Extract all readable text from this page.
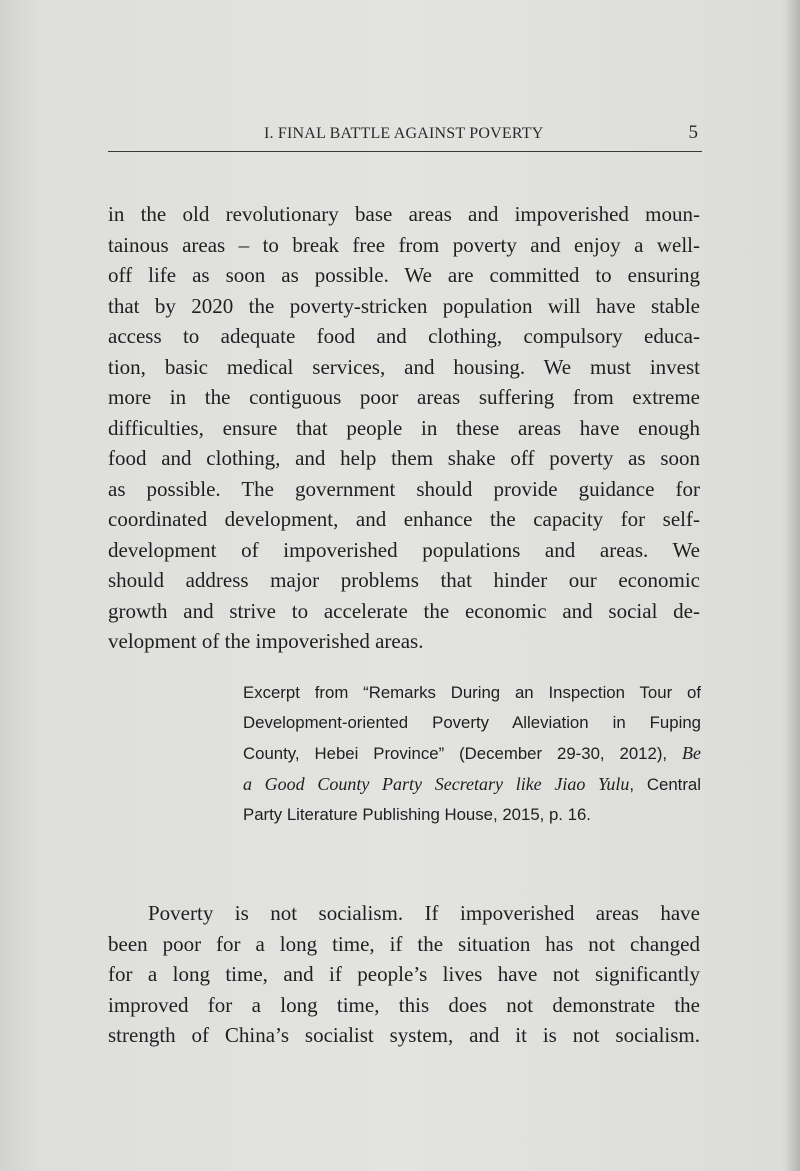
I. FINAL BATTLE AGAINST POVERTY	5
in the old revolutionary base areas and impoverished moun-
tainous areas – to break free from poverty and enjoy a well-
off life as soon as possible. We are committed to ensuring
that by 2020 the poverty-stricken population will have stable
access to adequate food and clothing, compulsory educa-
tion, basic medical services, and housing. We must invest
more in the contiguous poor areas suffering from extreme
difficulties, ensure that people in these areas have enough
food and clothing, and help them shake off poverty as soon
as possible. The government should provide guidance for
coordinated development, and enhance the capacity for self-
development of impoverished populations and areas. We
should address major problems that hinder our economic
growth and strive to accelerate the economic and social de-
velopment of the impoverished areas.
Excerpt from “Remarks During an Inspection Tour of
Development-oriented Poverty Alleviation in Fuping
County, Hebei Province” (December 29-30, 2012), Be
a Good County Party Secretary like Jiao Yulu, Central
Party Literature Publishing House, 2015, p. 16.
Poverty is not socialism. If impoverished areas have
been poor for a long time, if the situation has not changed
for a long time, and if people’s lives have not significantly
improved for a long time, this does not demonstrate the
strength of China’s socialist system, and it is not socialism.
